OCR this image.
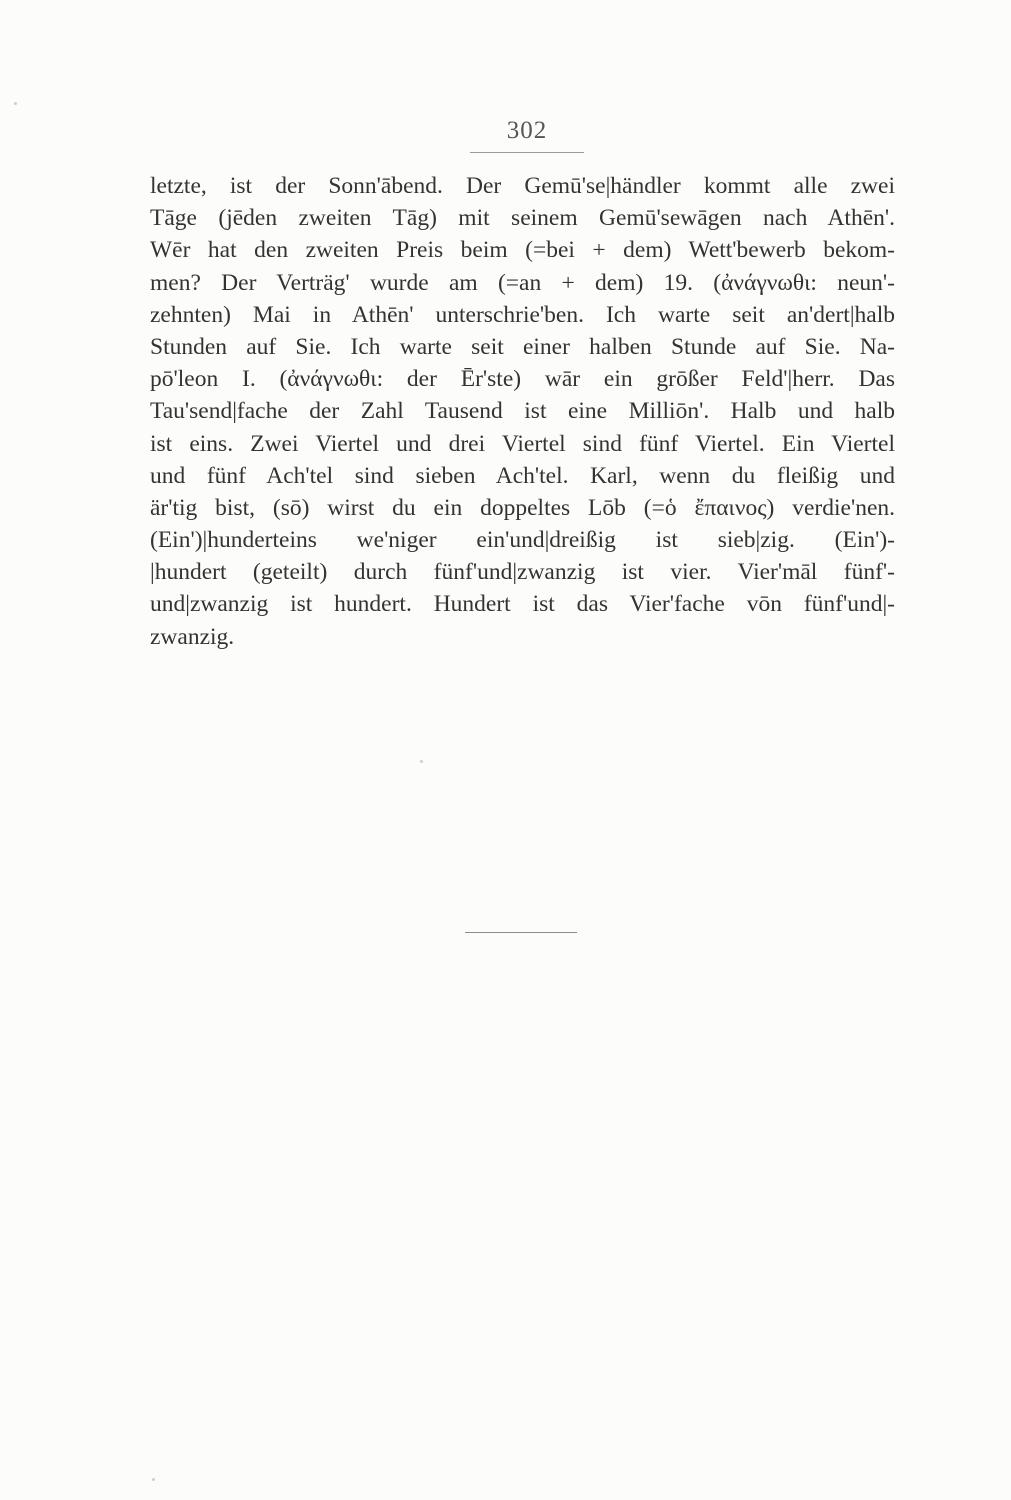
302
letzte, ist der Sonn'ābend. Der Gemū'se|händler kommt alle zwei
Tāge (jēden zweiten Tāg) mit seinem Gemū'sewāgen nach Athēn'.
Wēr hat den zweiten Preis beim (=bei + dem) Wett'bewerb bekom-
men? Der Verträg' wurde am (=an + dem) 19. (ἀνάγνωθι: neun'-
zehnten) Mai in Athēn' unterschrie'ben. Ich warte seit an'dert|halb
Stunden auf Sie. Ich warte seit einer halben Stunde auf Sie. Na-
pō'leon I. (ἀνάγνωθι: der Ēr'ste) wār ein grōßer Feld'|herr. Das
Tau'send|fache der Zahl Tausend ist eine Milliōn'. Halb und halb
ist eins. Zwei Viertel und drei Viertel sind fünf Viertel. Ein Viertel
und fünf Ach'tel sind sieben Ach'tel. Karl, wenn du fleißig und
är'tig bist, (sō) wirst du ein doppeltes Lōb (=ὁ ἔπαινος) verdie'nen.
(Ein')|hunderteins we'niger ein'und|dreißig ist sieb|zig. (Ein')-
|hundert (geteilt) durch fünf'und|zwanzig ist vier. Vier'māl fünf'-
und|zwanzig ist hundert. Hundert ist das Vier'fache vōn fünf'und|-
zwanzig.
